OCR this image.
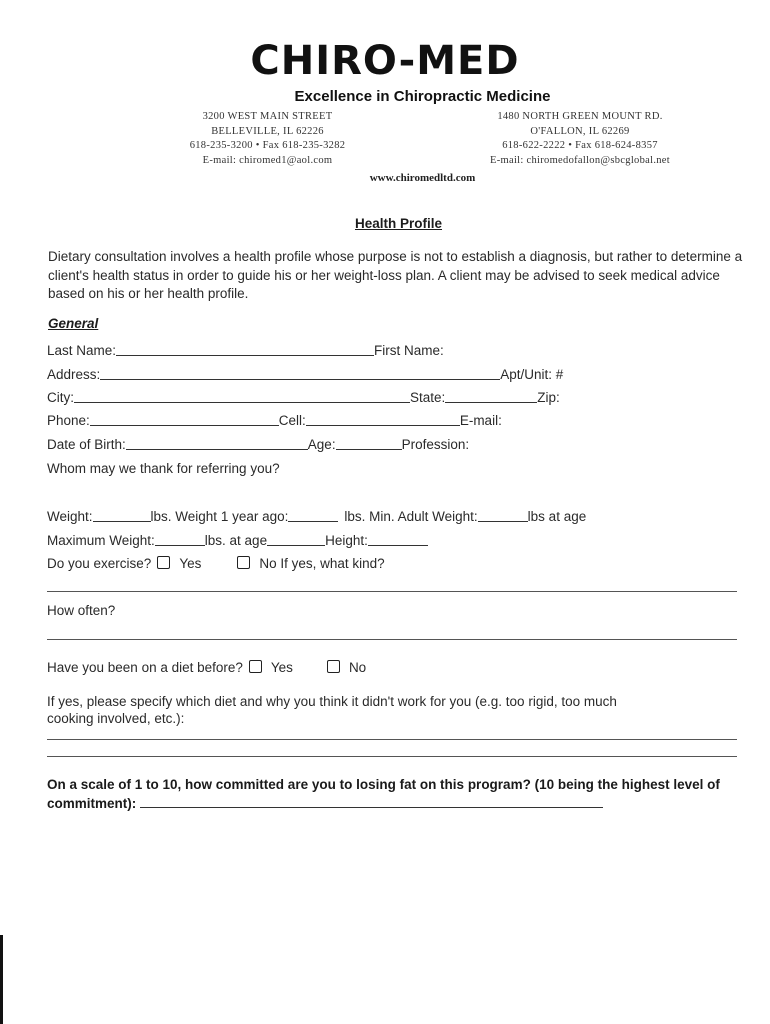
CHIRO-MED
Excellence in Chiropractic Medicine
3200 WEST MAIN STREET
BELLEVILLE, IL 62226
618-235-3200 • Fax 618-235-3282
E-mail: chiromed1@aol.com
1480 NORTH GREEN MOUNT RD.
O'FALLON, IL 62269
618-622-2222 • Fax 618-624-8357
E-mail: chiromedofallon@sbcglobal.net
www.chiromedltd.com
Health Profile
Dietary consultation involves a health profile whose purpose is not to establish a diagnosis, but rather to determine a client's health status in order to guide his or her weight-loss plan. A client may be advised to seek medical advice based on his or her health profile.
General
Last Name:	First Name:
Address:	Apt/Unit: #
City:	State:	Zip:
Phone:	Cell:	E-mail:
Date of Birth:	Age:	Profession:
Whom may we thank for referring you?
Weight:	lbs. Weight 1 year ago:	lbs. Min. Adult Weight:	lbs at age
Maximum Weight:	lbs. at age	Height:
Do you exercise? Yes	No If yes, what kind?
How often?
Have you been on a diet before? Yes	No
If yes, please specify which diet and why you think it didn't work for you (e.g. too rigid, too much
cooking involved, etc.):
On a scale of 1 to 10, how committed are you to losing fat on this program? (10 being the highest level of commitment):
